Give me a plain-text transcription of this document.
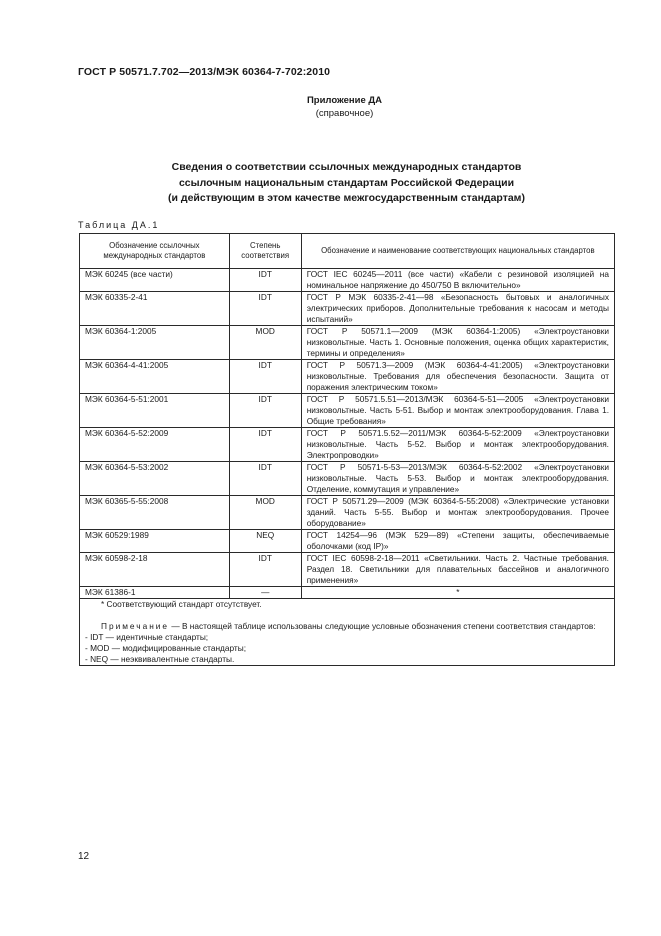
ГОСТ Р 50571.7.702—2013/МЭК 60364-7-702:2010
Приложение ДА
(справочное)
Сведения о соответствии ссылочных международных стандартов
ссылочным национальным стандартам Российской Федерации
(и действующим в этом качестве межгосударственным стандартам)
Таблица ДА.1
Обозначение ссылочных международных стандартов	Степень соответствия	Обозначение и наименование соответствующих национальных стандартов
МЭК 60245 (все части)	IDT	ГОСТ IEC 60245—2011 (все части) «Кабели с резиновой изоляцией на номинальное напряжение до 450/750 В включительно»
МЭК 60335-2-41	IDT	ГОСТ Р МЭК 60335-2-41—98 «Безопасность бытовых и аналогичных электрических приборов. Дополнительные требования к насосам и методы испытаний»
МЭК 60364-1:2005	MOD	ГОСТ Р 50571.1—2009 (МЭК 60364-1:2005) «Электроустановки низковольтные. Часть 1. Основные положения, оценка общих характеристик, термины и определения»
МЭК 60364-4-41:2005	IDT	ГОСТ Р 50571.3—2009 (МЭК 60364-4-41:2005) «Электроустановки низковольтные. Требования для обеспечения безопасности. Защита от поражения электрическим током»
МЭК 60364-5-51:2001	IDT	ГОСТ Р 50571.5.51—2013/МЭК 60364-5-51—2005 «Электроустановки низковольтные. Часть 5-51. Выбор и монтаж электрооборудования. Глава 1. Общие требования»
МЭК 60364-5-52:2009	IDT	ГОСТ Р 50571.5.52—2011/МЭК 60364-5-52:2009 «Электроустановки низковольтные. Часть 5-52. Выбор и монтаж электрооборудования. Электропроводки»
МЭК 60364-5-53:2002	IDT	ГОСТ Р 50571-5-53—2013/МЭК 60364-5-52:2002 «Электроустановки низковольтные. Часть 5-53. Выбор и монтаж электрооборудования. Отделение, коммутация и управление»
МЭК 60365-5-55:2008	MOD	ГОСТ Р 50571.29—2009 (МЭК 60364-5-55:2008) «Электрические установки зданий. Часть 5-55. Выбор и монтаж электрооборудования. Прочее оборудование»
МЭК 60529:1989	NEQ	ГОСТ 14254—96 (МЭК 529—89) «Степени защиты, обеспечиваемые оболочками (код IP)»
МЭК 60598-2-18	IDT	ГОСТ IEC 60598-2-18—2011 «Светильники. Часть 2. Частные требования. Раздел 18. Светильники для плавательных бассейнов и аналогичного применения»
МЭК 61386-1	—	*

* Соответствующий стандарт отсутствует.
Примечание — В настоящей таблице использованы следующие условные обозначения степени соответствия стандартов:
- IDT — идентичные стандарты;
- MOD — модифицированные стандарты;
- NEQ — неэквивалентные стандарты.		
12
